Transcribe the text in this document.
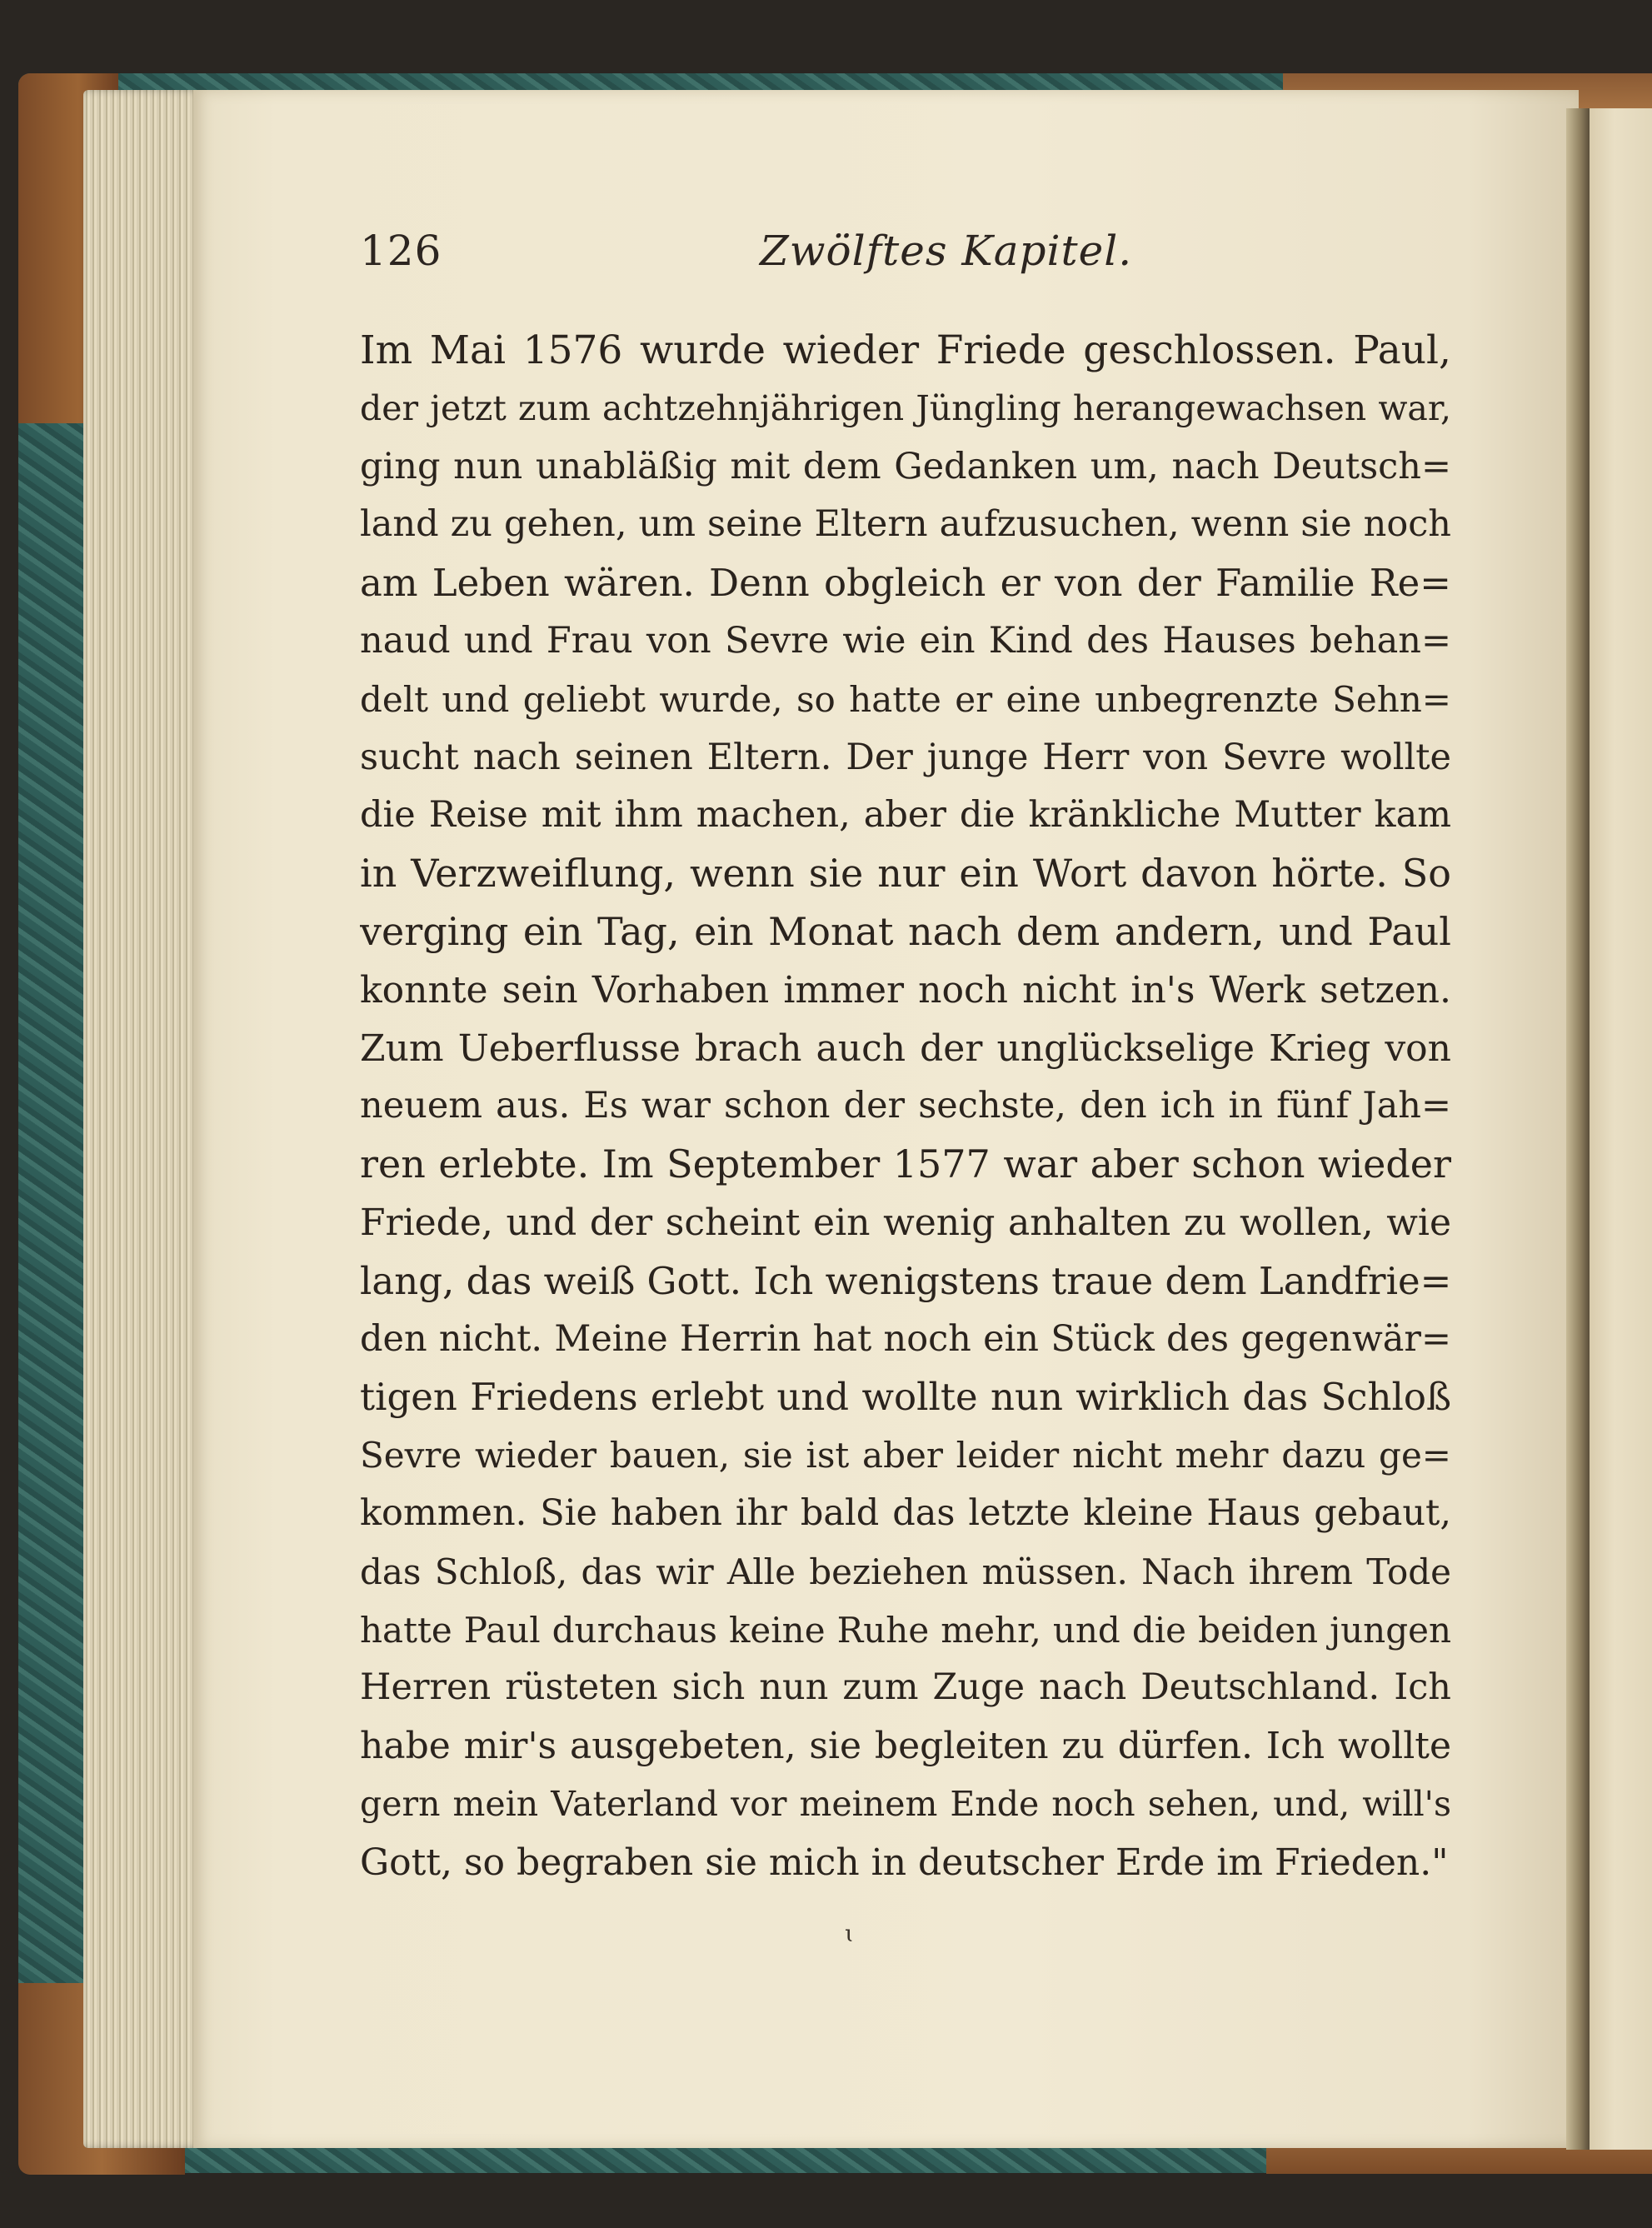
126	Zwölftes Kapitel.
Im Mai 1576 wurde wieder Friede geschlossen. Paul,
der jetzt zum achtzehnjährigen Jüngling herangewachsen war,
ging nun unabläßig mit dem Gedanken um, nach Deutsch=
land zu gehen, um seine Eltern aufzusuchen, wenn sie noch
am Leben wären. Denn obgleich er von der Familie Re=
naud und Frau von Sevre wie ein Kind des Hauses behan=
delt und geliebt wurde, so hatte er eine unbegrenzte Sehn=
sucht nach seinen Eltern. Der junge Herr von Sevre wollte
die Reise mit ihm machen, aber die kränkliche Mutter kam
in Verzweiflung, wenn sie nur ein Wort davon hörte. So
verging ein Tag, ein Monat nach dem andern, und Paul
konnte sein Vorhaben immer noch nicht in's Werk setzen.
Zum Ueberflusse brach auch der unglückselige Krieg von
neuem aus. Es war schon der sechste, den ich in fünf Jah=
ren erlebte. Im September 1577 war aber schon wieder
Friede, und der scheint ein wenig anhalten zu wollen, wie
lang, das weiß Gott. Ich wenigstens traue dem Landfrie=
den nicht. Meine Herrin hat noch ein Stück des gegenwär=
tigen Friedens erlebt und wollte nun wirklich das Schloß
Sevre wieder bauen, sie ist aber leider nicht mehr dazu ge=
kommen. Sie haben ihr bald das letzte kleine Haus gebaut,
das Schloß, das wir Alle beziehen müssen. Nach ihrem Tode
hatte Paul durchaus keine Ruhe mehr, und die beiden jungen
Herren rüsteten sich nun zum Zuge nach Deutschland. Ich
habe mir's ausgebeten, sie begleiten zu dürfen. Ich wollte
gern mein Vaterland vor meinem Ende noch sehen, und, will's
Gott, so begraben sie mich in deutscher Erde im Frieden."
ɩ
